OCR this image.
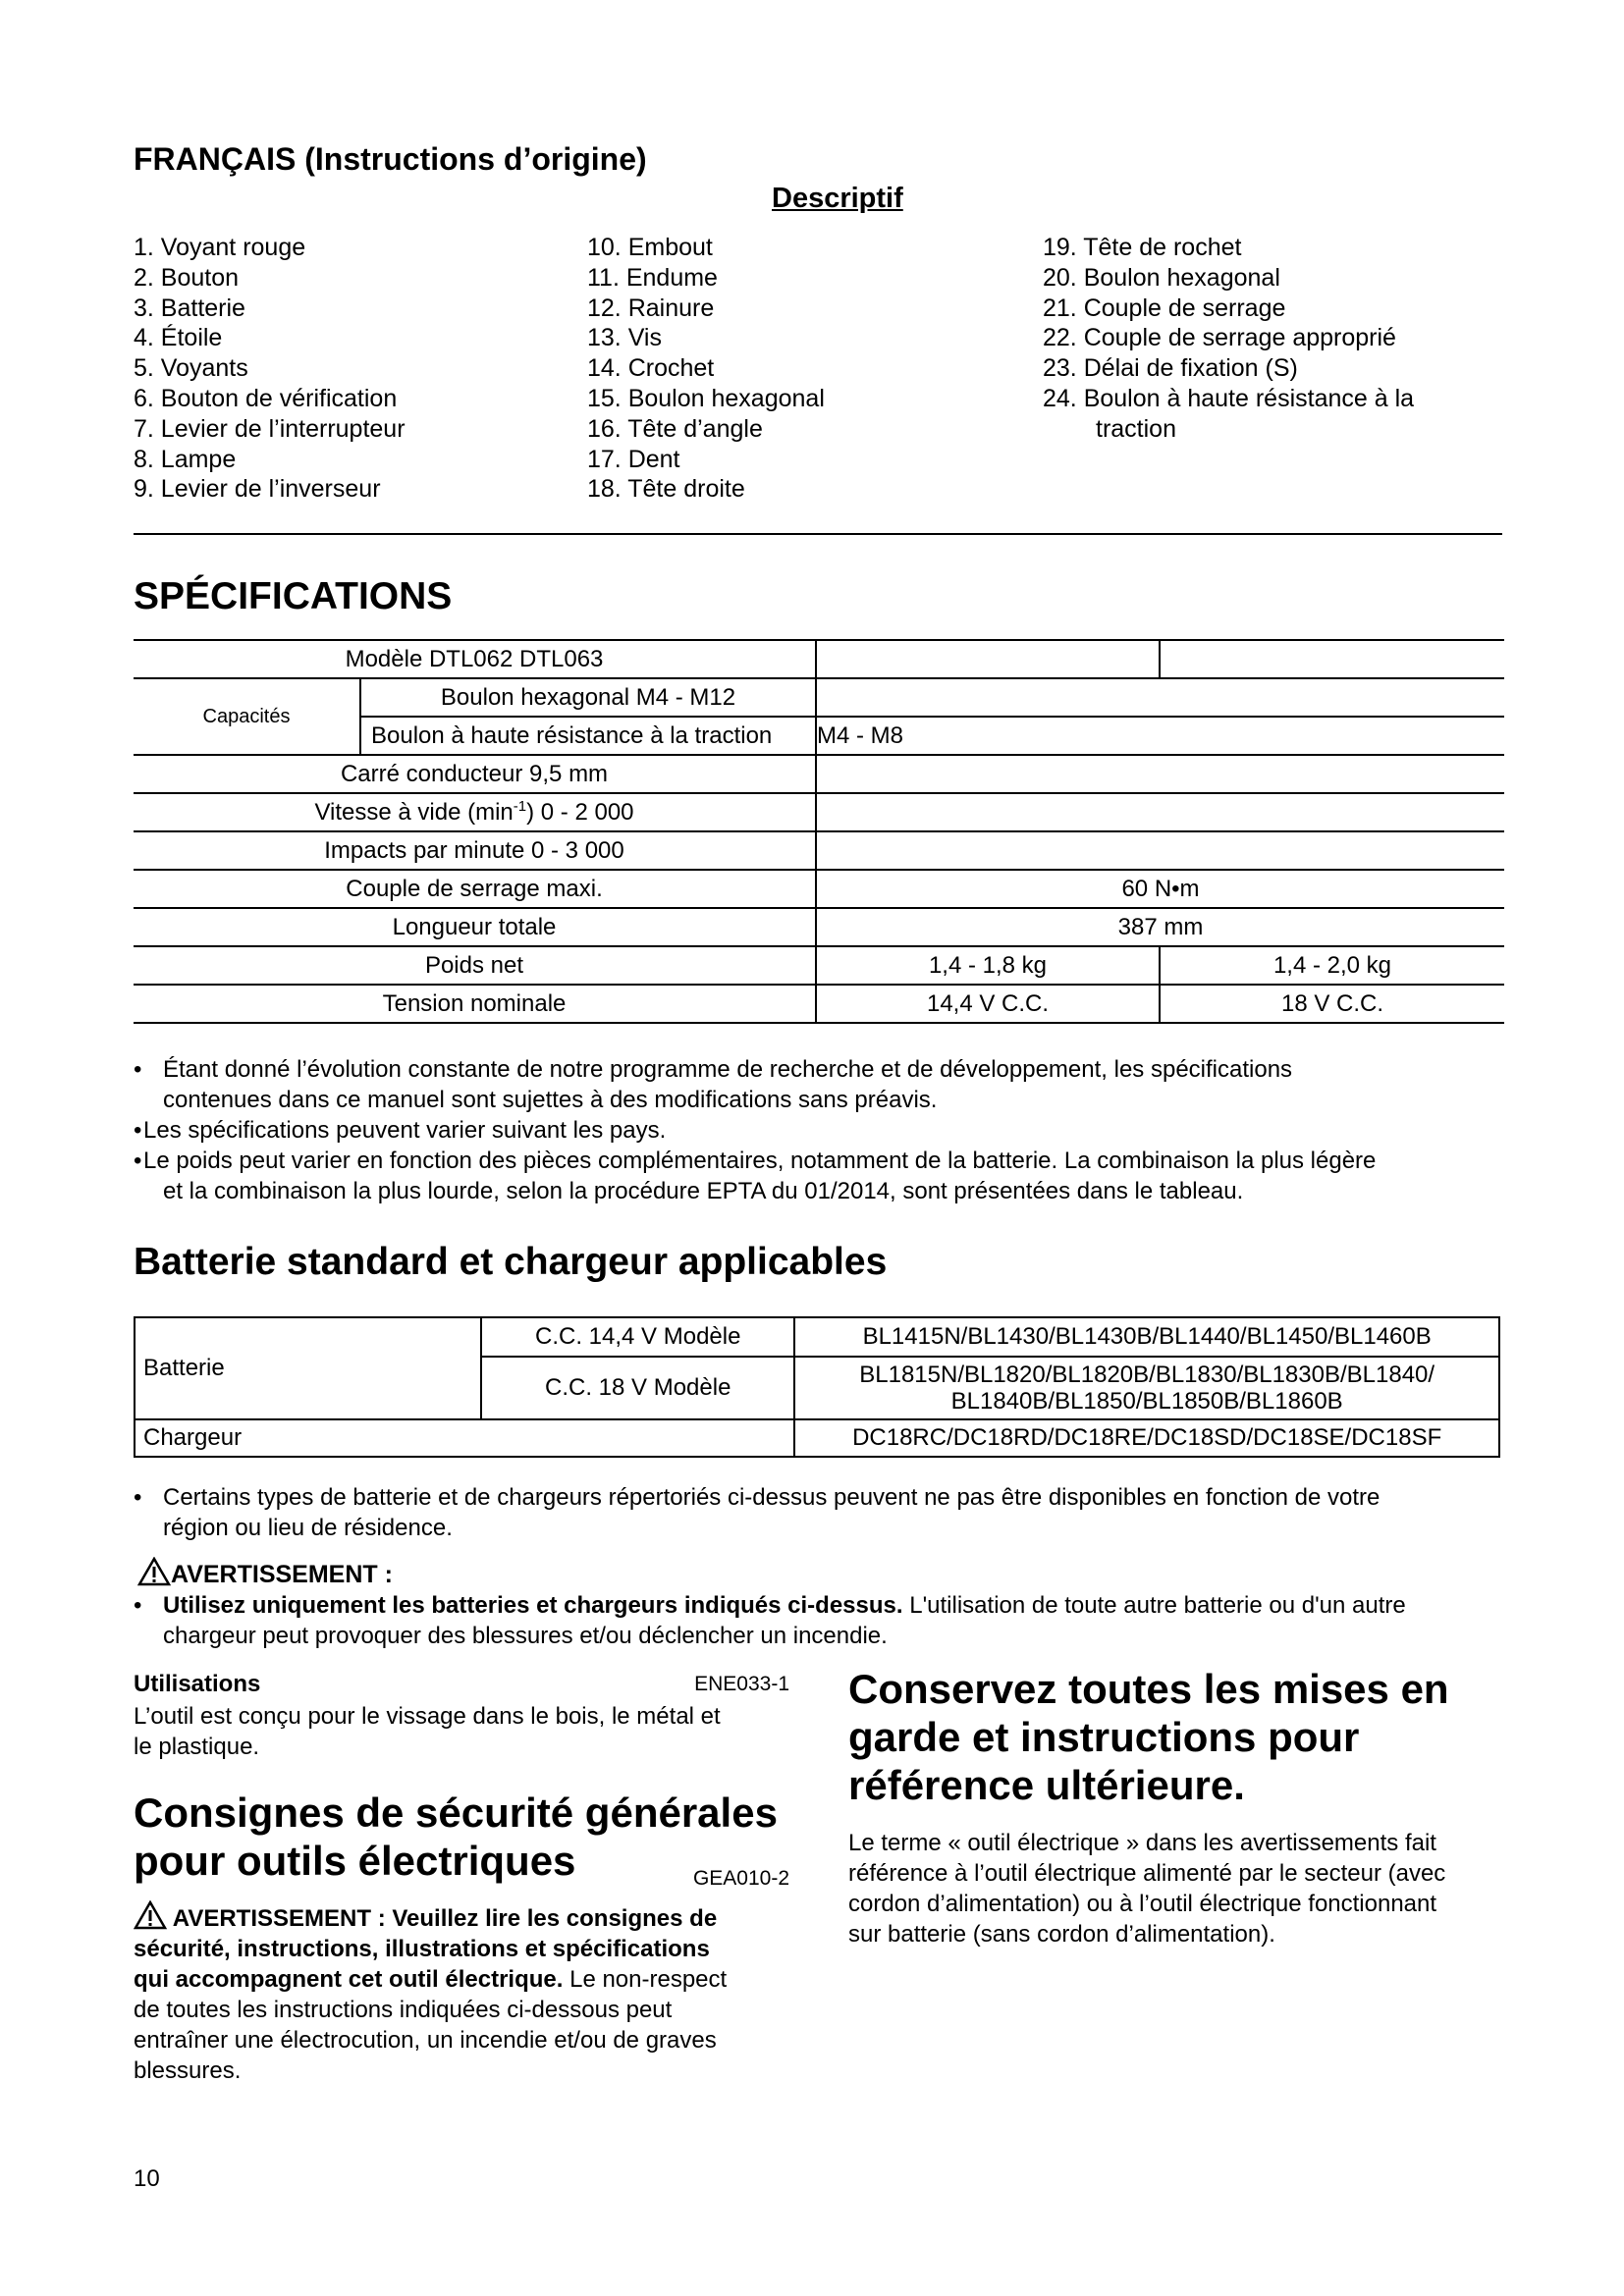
FRANÇAIS (Instructions d’origine)
Descriptif
1. Voyant rouge
2. Bouton
3. Batterie
4. Étoile
5. Voyants
6. Bouton de vérification
7. Levier de l’interrupteur
8. Lampe
9. Levier de l’inverseur
10. Embout
11. Endume
12. Rainure
13. Vis
14. Crochet
15. Boulon hexagonal
16. Tête d’angle
17. Dent
18. Tête droite
19. Tête de rochet
20. Boulon hexagonal
21. Couple de serrage
22. Couple de serrage approprié
23. Délai de fixation (S)
24. Boulon à haute résistance à la
traction
SPÉCIFICATIONS
Modèle DTL062 DTL063			
Capacités	Boulon hexagonal M4 - M12		
	Boulon à haute résistance à la traction	M4 - M8	
Carré conducteur 9,5 mm			
Vitesse à vide $(\min^{-1})$ 0 - 2 000			
Impacts par minute 0 - 3 000			
Couple de serrage maxi.		60 N•m	
Longueur totale		387 mm	
Poids net		1,4 - 1,8 kg	1,4 - 2,0 kg
Tension nominale		14,4 V C.C.	18 V C.C.
• Étant donné l’évolution constante de notre programme de recherche et de développement, les spécifications
contenues dans ce manuel sont sujettes à des modifications sans préavis.
• Les spécifications peuvent varier suivant les pays.
• Le poids peut varier en fonction des pièces complémentaires, notamment de la batterie. La combinaison la plus légère
et la combinaison la plus lourde, selon la procédure EPTA du 01/2014, sont présentées dans le tableau.
Batterie standard et chargeur applicables
Batterie	C.C. 14,4 V Modèle	BL1415N/BL1430/BL1430B/BL1440/BL1450/BL1460B
	C.C. 18 V Modèle	BL1815N/BL1820/BL1820B/BL1830/BL1830B/BL1840/
BL1840B/BL1850/BL1850B/BL1860B

Chargeur		DC18RC/DC18RD/DC18RE/DC18SD/DC18SE/DC18SF
• Certains types de batterie et de chargeurs répertoriés ci-dessus peuvent ne pas être disponibles en fonction de votre
région ou lieu de résidence.
AVERTISSEMENT :
• Utilisez uniquement les batteries et chargeurs indiqués ci-dessus. L'utilisation de toute autre batterie ou d'un autre
chargeur peut provoquer des blessures et/ou déclencher un incendie.
Utilisations	ENE033-1
L’outil est conçu pour le vissage dans le bois, le métal et
le plastique.
Consignes de sécurité générales
pour outils électriques	GEA010-2
AVERTISSEMENT : Veuillez lire les consignes de
sécurité, instructions, illustrations et spécifications
qui accompagnent cet outil électrique. Le non-respect
de toutes les instructions indiquées ci-dessous peut
entraîner une électrocution, un incendie et/ou de graves
blessures.
Conservez toutes les mises en
garde et instructions pour
référence ultérieure.
Le terme « outil électrique » dans les avertissements fait
référence à l’outil électrique alimenté par le secteur (avec
cordon d’alimentation) ou à l’outil électrique fonctionnant
sur batterie (sans cordon d’alimentation).
10
